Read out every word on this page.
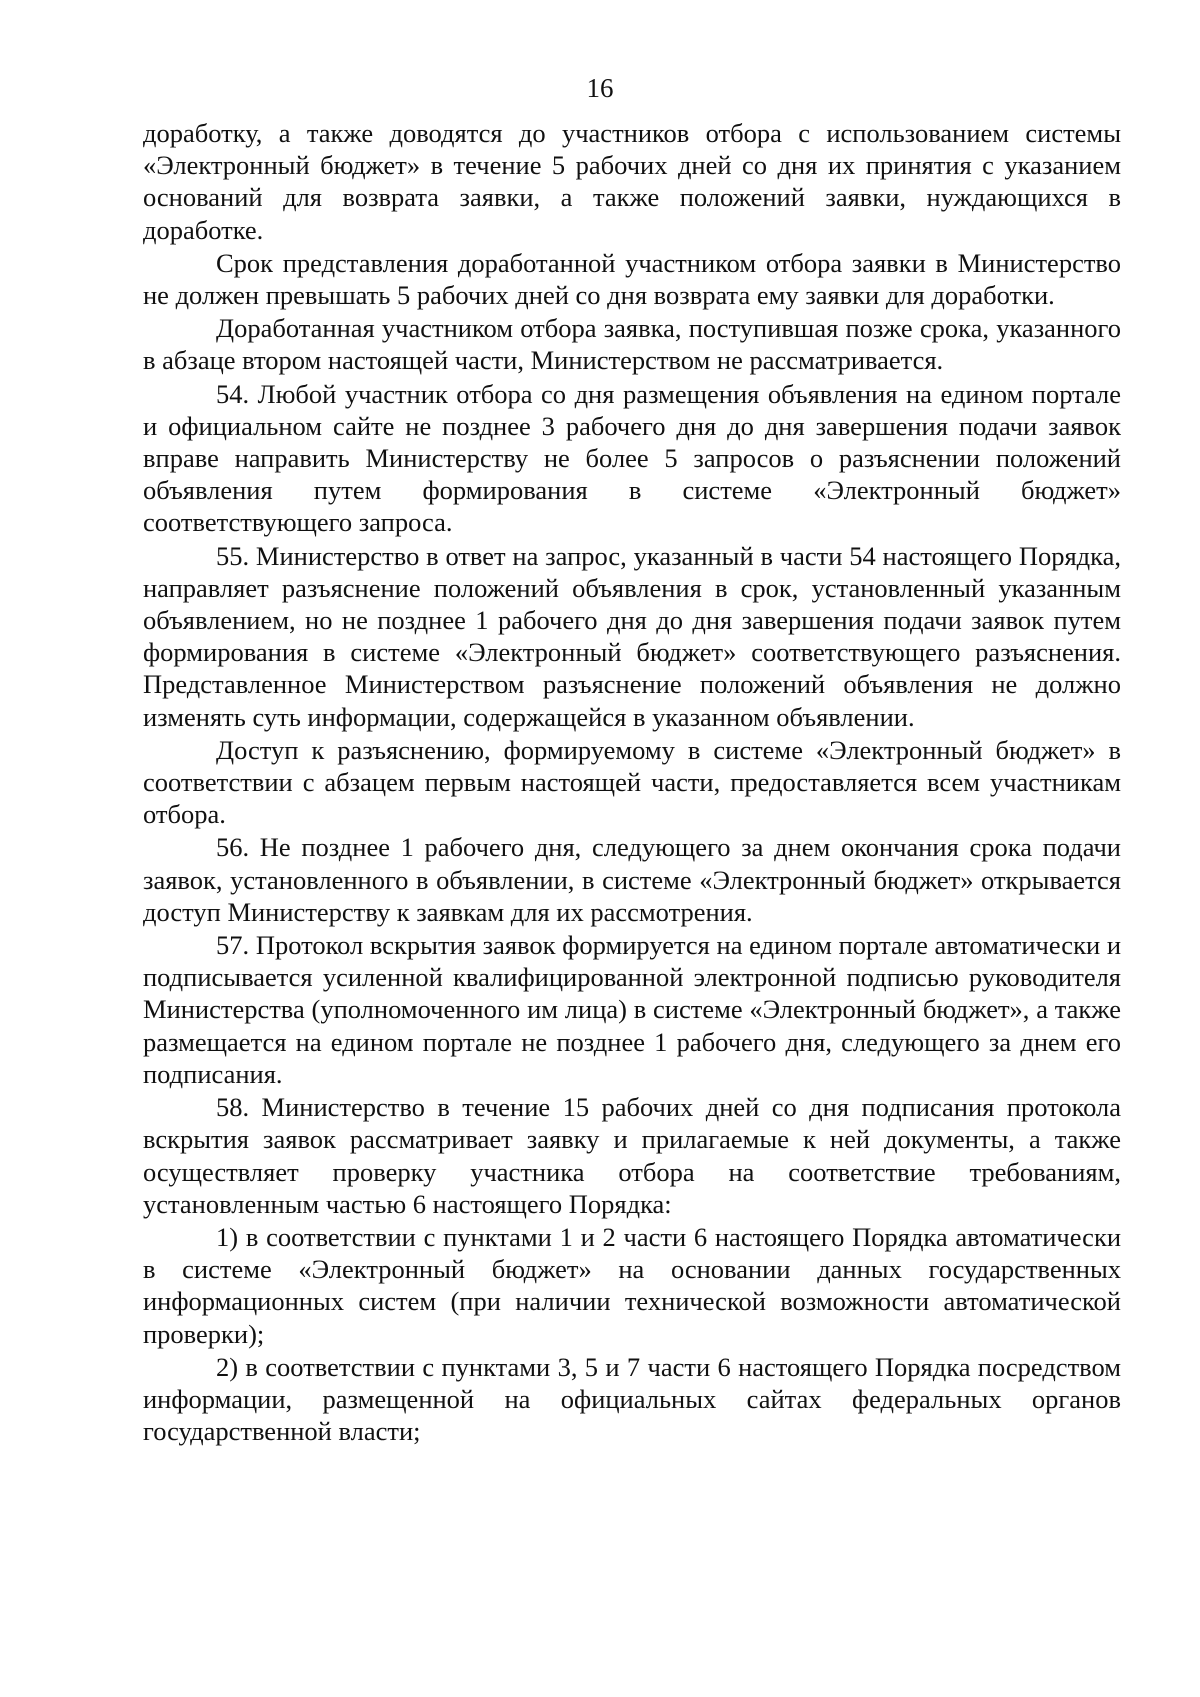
16

доработку, а также доводятся до участников отбора с использованием системы «Электронный бюджет» в течение 5 рабочих дней со дня их принятия с указанием оснований для возврата заявки, а также положений заявки, нуждающихся в доработке.

Срок представления доработанной участником отбора заявки в Министерство не должен превышать 5 рабочих дней со дня возврата ему заявки для доработки.

Доработанная участником отбора заявка, поступившая позже срока, указанного в абзаце втором настоящей части, Министерством не рассматривается.

54. Любой участник отбора со дня размещения объявления на едином портале и официальном сайте не позднее 3 рабочего дня до дня завершения подачи заявок вправе направить Министерству не более 5 запросов о разъяснении положений объявления путем формирования в системе «Электронный бюджет» соответствующего запроса.

55. Министерство в ответ на запрос, указанный в части 54 настоящего Порядка, направляет разъяснение положений объявления в срок, установленный указанным объявлением, но не позднее 1 рабочего дня до дня завершения подачи заявок путем формирования в системе «Электронный бюджет» соответствующего разъяснения. Представленное Министерством разъяснение положений объявления не должно изменять суть информации, содержащейся в указанном объявлении.

Доступ к разъяснению, формируемому в системе «Электронный бюджет» в соответствии с абзацем первым настоящей части, предоставляется всем участникам отбора.

56. Не позднее 1 рабочего дня, следующего за днем окончания срока подачи заявок, установленного в объявлении, в системе «Электронный бюджет» открывается доступ Министерству к заявкам для их рассмотрения.

57. Протокол вскрытия заявок формируется на едином портале автоматически и подписывается усиленной квалифицированной электронной подписью руководителя Министерства (уполномоченного им лица) в системе «Электронный бюджет», а также размещается на едином портале не позднее 1 рабочего дня, следующего за днем его подписания.

58. Министерство в течение 15 рабочих дней со дня подписания протокола вскрытия заявок рассматривает заявку и прилагаемые к ней документы, а также осуществляет проверку участника отбора на соответствие требованиям, установленным частью 6 настоящего Порядка:

1) в соответствии с пунктами 1 и 2 части 6 настоящего Порядка автоматически в системе «Электронный бюджет» на основании данных государственных информационных систем (при наличии технической возможности автоматической проверки);

2) в соответствии с пунктами 3, 5 и 7 части 6 настоящего Порядка посредством информации, размещенной на официальных сайтах федеральных органов государственной власти;
